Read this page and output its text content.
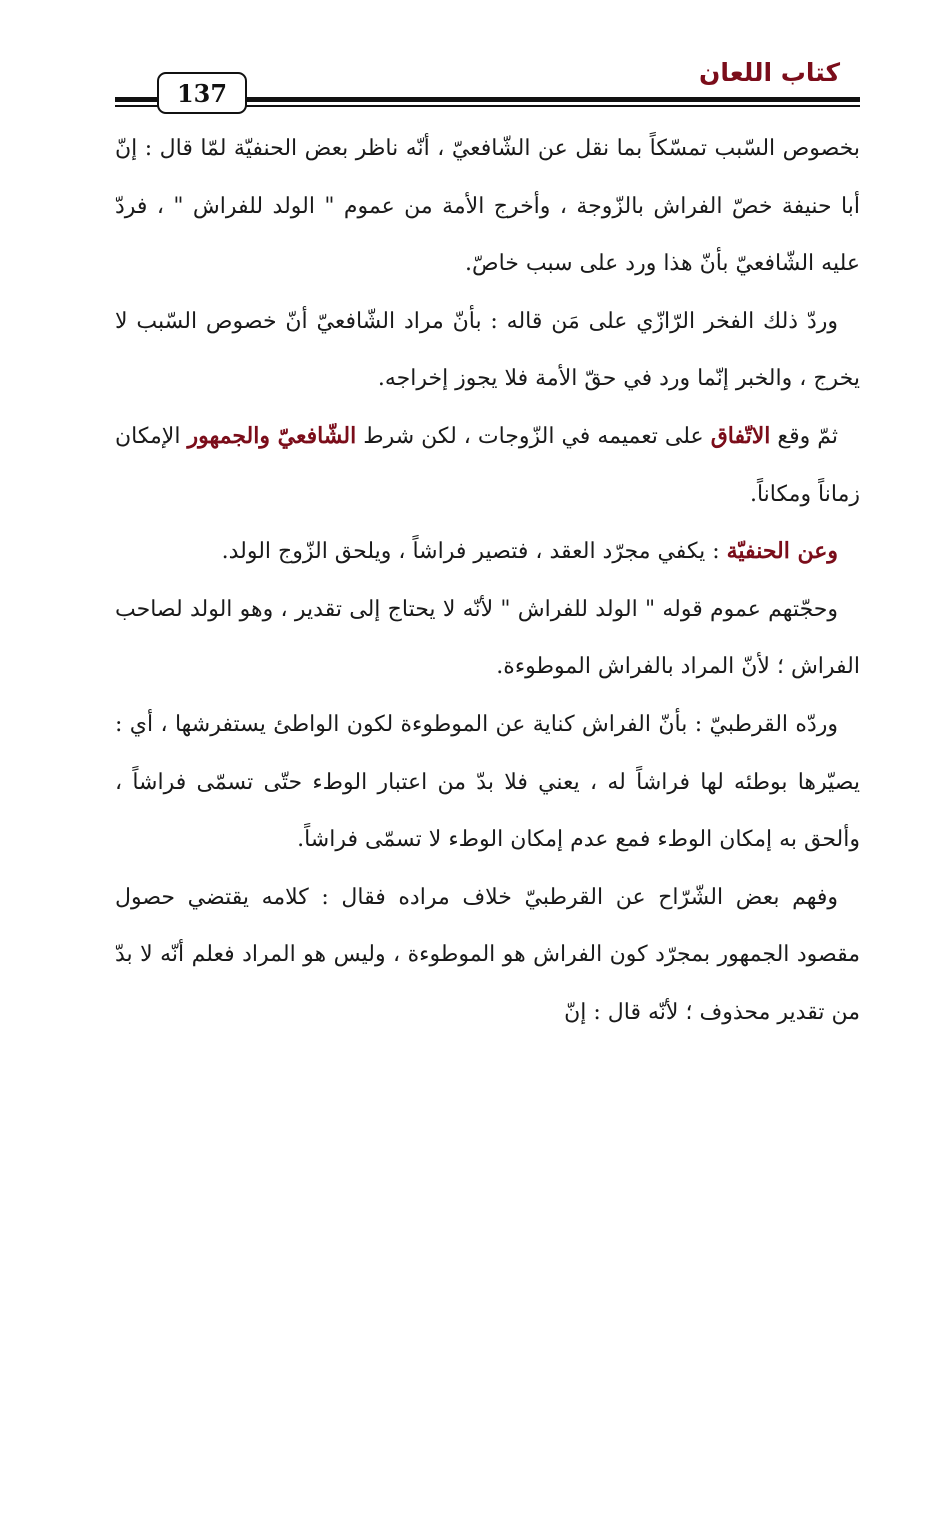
كتاب اللعان
137

بخصوص السّبب تمسّكاً بما نقل عن الشّافعيّ ، أنّه ناظر بعض الحنفيّة لمّا قال : إنّ أبا حنيفة خصّ الفراش بالزّوجة ، وأخرج الأمة من عموم " الولد للفراش " ، فردّ عليه الشّافعيّ بأنّ هذا ورد على سبب خاصّ.

وردّ ذلك الفخر الرّازّي على مَن قاله : بأنّ مراد الشّافعيّ أنّ خصوص السّبب لا يخرج ، والخبر إنّما ورد في حقّ الأمة فلا يجوز إخراجه.

ثمّ وقع الاتّفاق على تعميمه في الزّوجات ، لكن شرط الشّافعيّ والجمهور الإمكان زماناً ومكاناً.

وعن الحنفيّة : يكفي مجرّد العقد ، فتصير فراشاً ، ويلحق الزّوج الولد.

وحجّتهم عموم قوله " الولد للفراش " لأنّه لا يحتاج إلى تقدير ، وهو الولد لصاحب الفراش ؛ لأنّ المراد بالفراش الموطوءة.

وردّه القرطبيّ : بأنّ الفراش كناية عن الموطوءة لكون الواطئ يستفرشها ، أي : يصيّرها بوطئه لها فراشاً له ، يعني فلا بدّ من اعتبار الوطء حتّى تسمّى فراشاً ، وألحق به إمكان الوطء فمع عدم إمكان الوطء لا تسمّى فراشاً.

وفهم بعض الشّرّاح عن القرطبيّ خلاف مراده فقال : كلامه يقتضي حصول مقصود الجمهور بمجرّد كون الفراش هو الموطوءة ، وليس هو المراد فعلم أنّه لا بدّ من تقدير محذوف ؛ لأنّه قال : إنّ
